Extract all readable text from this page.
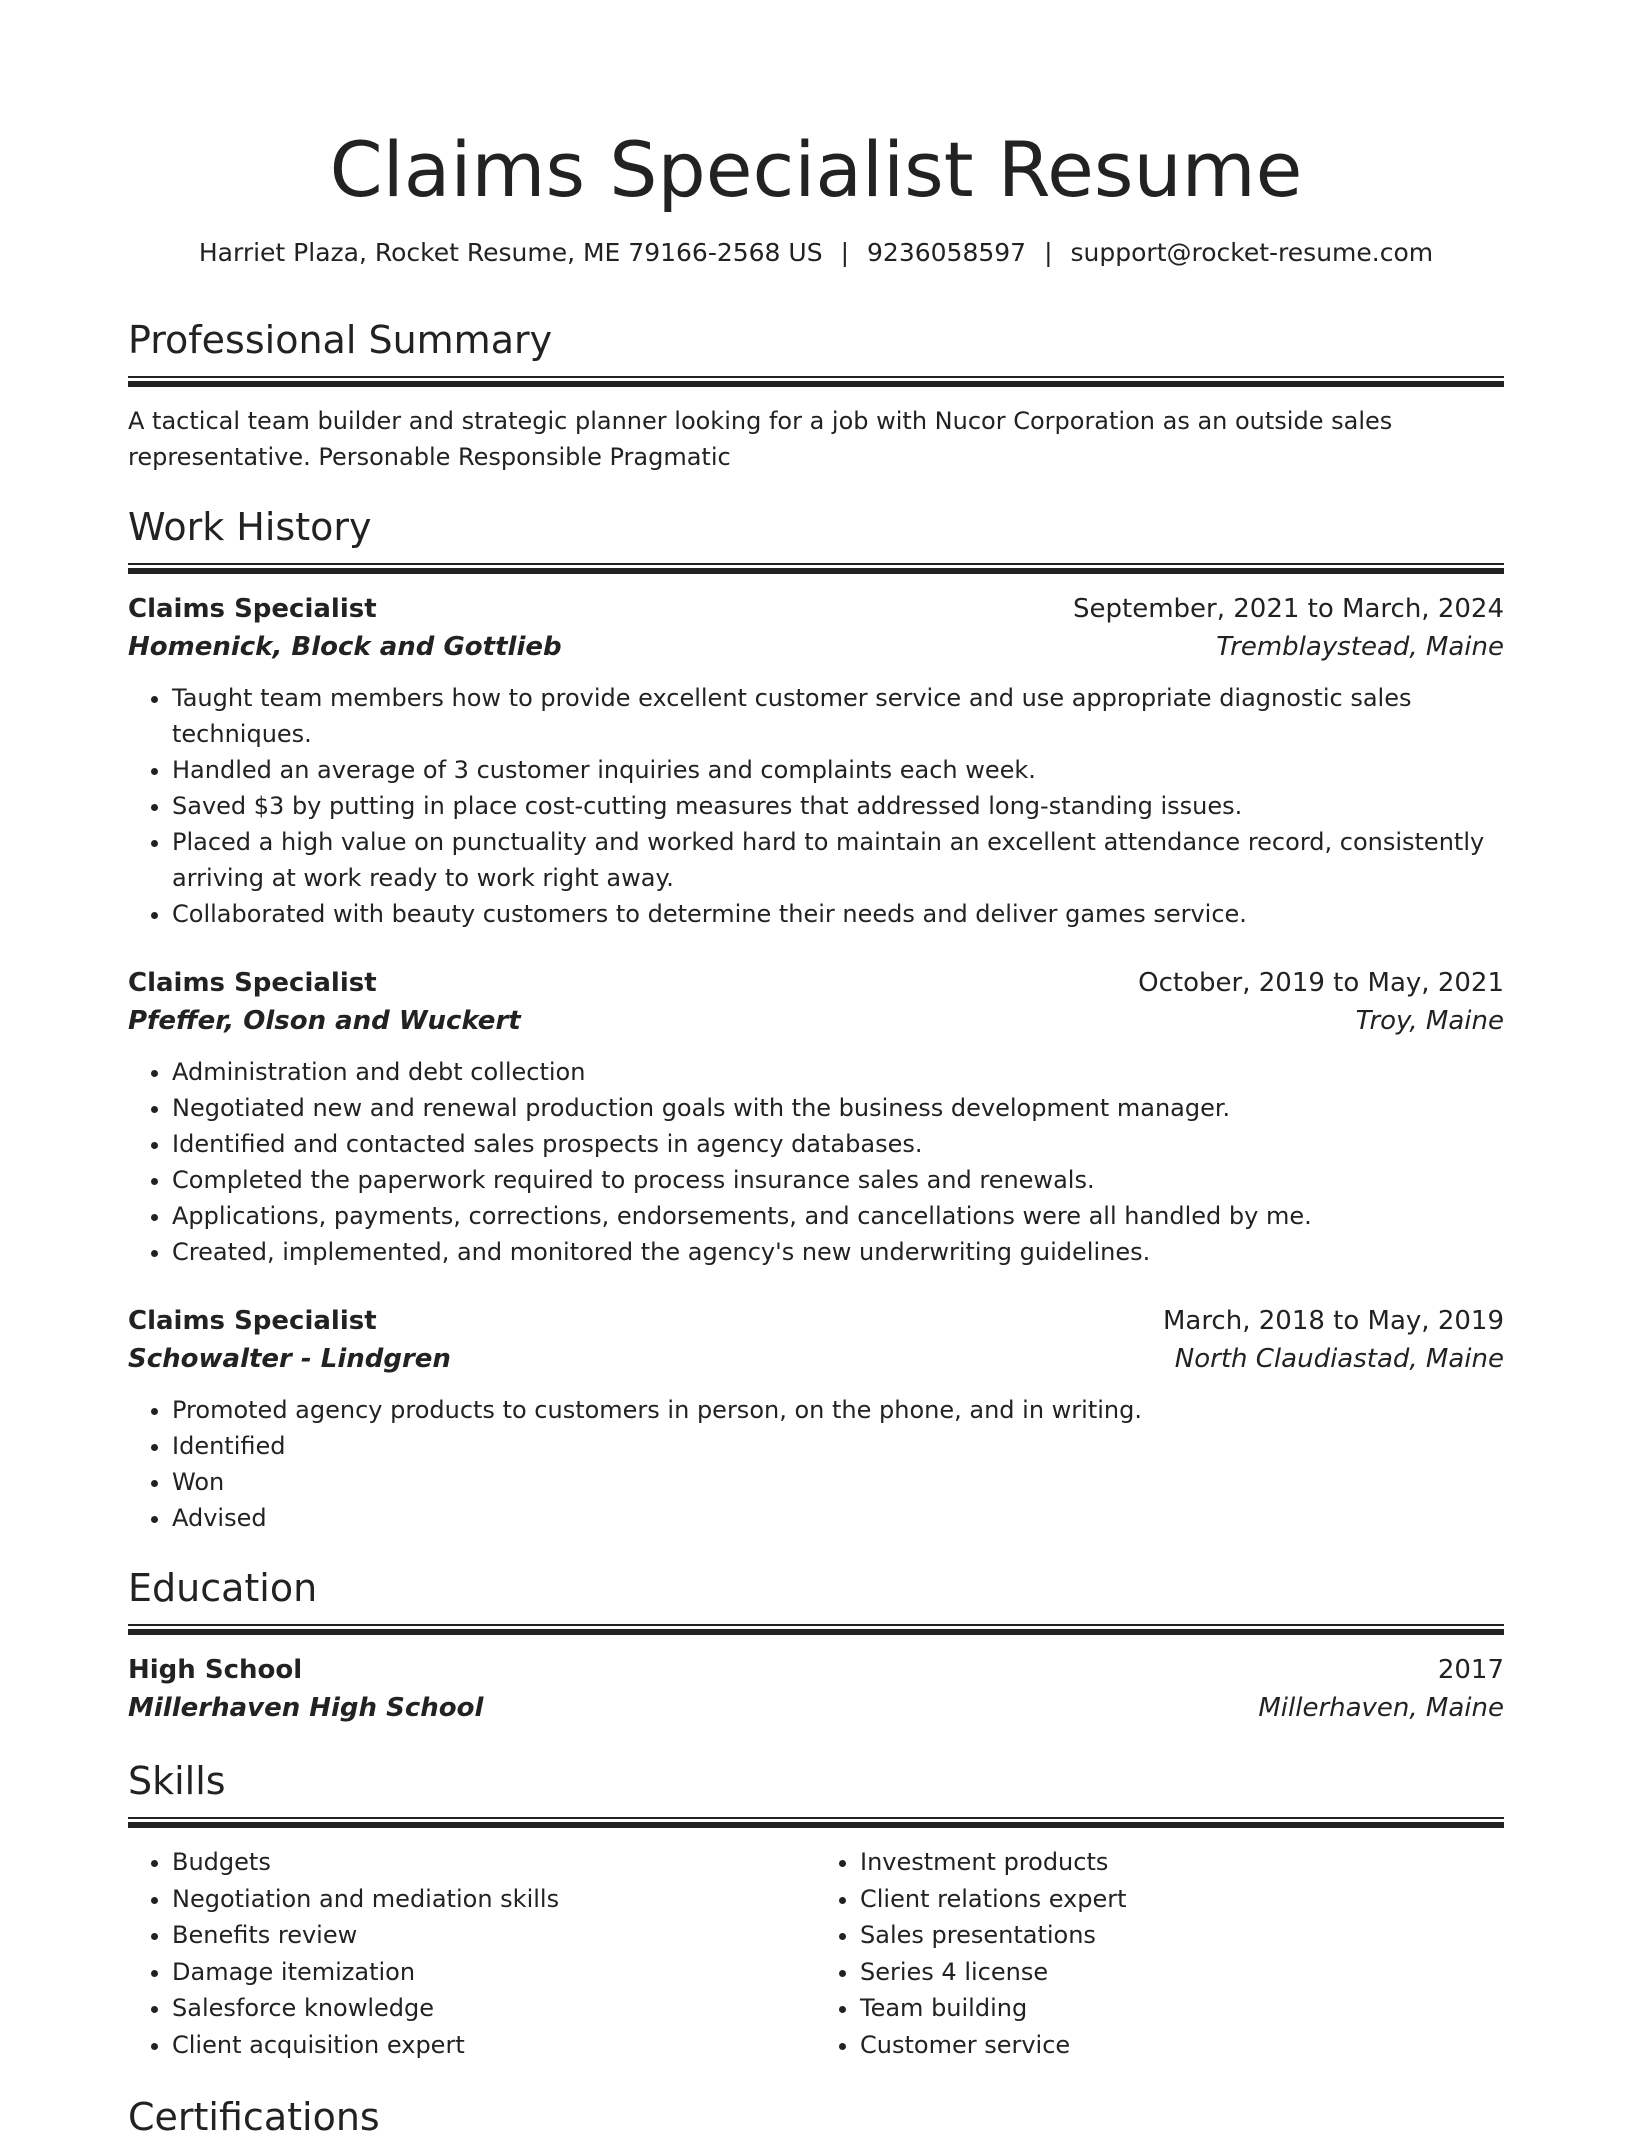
Claims Specialist Resume
Harriet Plaza, Rocket Resume, ME 79166-2568 US | 9236058597 | support@rocket-resume.com
Professional Summary

A tactical team builder and strategic planner looking for a job with Nucor Corporation as an outside sales representative. Personable Responsible Pragmatic

Work History
Claims Specialist	September, 2021 to March, 2024
Homenick, Block and Gottlieb	Tremblaystead, Maine
• Taught team members how to provide excellent customer service and use appropriate diagnostic sales techniques.
• Handled an average of 3 customer inquiries and complaints each week.
• Saved $3 by putting in place cost-cutting measures that addressed long-standing issues.
• Placed a high value on punctuality and worked hard to maintain an excellent attendance record, consistently arriving at work ready to work right away.
• Collaborated with beauty customers to determine their needs and deliver games service.
Claims Specialist	October, 2019 to May, 2021
Pfeffer, Olson and Wuckert	Troy, Maine
• Administration and debt collection
• Negotiated new and renewal production goals with the business development manager.
• Identified and contacted sales prospects in agency databases.
• Completed the paperwork required to process insurance sales and renewals.
• Applications, payments, corrections, endorsements, and cancellations were all handled by me.
• Created, implemented, and monitored the agency's new underwriting guidelines.
Claims Specialist	March, 2018 to May, 2019
Schowalter - Lindgren	North Claudiastad, Maine
• Promoted agency products to customers in person, on the phone, and in writing.
• Identified
• Won
• Advised
Education
High School	2017
Millerhaven High School	Millerhaven, Maine
Skills
• Budgets
• Negotiation and mediation skills
• Benefits review
• Damage itemization
• Salesforce knowledge
• Client acquisition expert
• Investment products
• Client relations expert
• Sales presentations
• Series 4 license
• Team building
• Customer service
Certifications
